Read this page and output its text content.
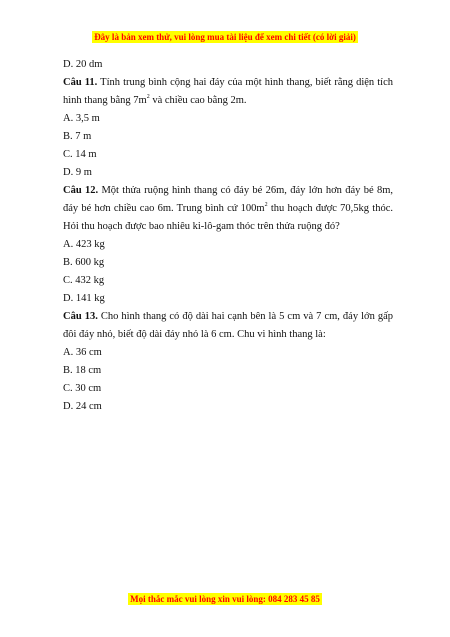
Đây là bản xem thử, vui lòng mua tài liệu để xem chi tiết (có lời giải)
D. 20 dm
Câu 11. Tính trung bình cộng hai đáy của một hình thang, biết rằng diện tích hình thang bằng $7m^2$ và chiều cao bằng 2m.
A. 3,5 m
B. 7 m
C. 14 m
D. 9 m
Câu 12. Một thửa ruộng hình thang có đáy bé 26m, đáy lớn hơn đáy bé 8m, đáy bé hơn chiều cao 6m. Trung bình cứ $100m^2$ thu hoạch được 70,5kg thóc. Hỏi thu hoạch được bao nhiêu ki-lô-gam thóc trên thửa ruộng đó?
A. 423 kg
B. 600 kg
C. 432 kg
D. 141 kg
Câu 13. Cho hình thang có độ dài hai cạnh bên là 5 cm và 7 cm, đáy lớn gấp đôi đáy nhỏ, biết độ dài đáy nhỏ là 6 cm. Chu vi hình thang là:
A. 36 cm
B. 18 cm
C. 30 cm
D. 24 cm
Mọi thắc mắc vui lòng xin vui lòng: 084 283 45 85
